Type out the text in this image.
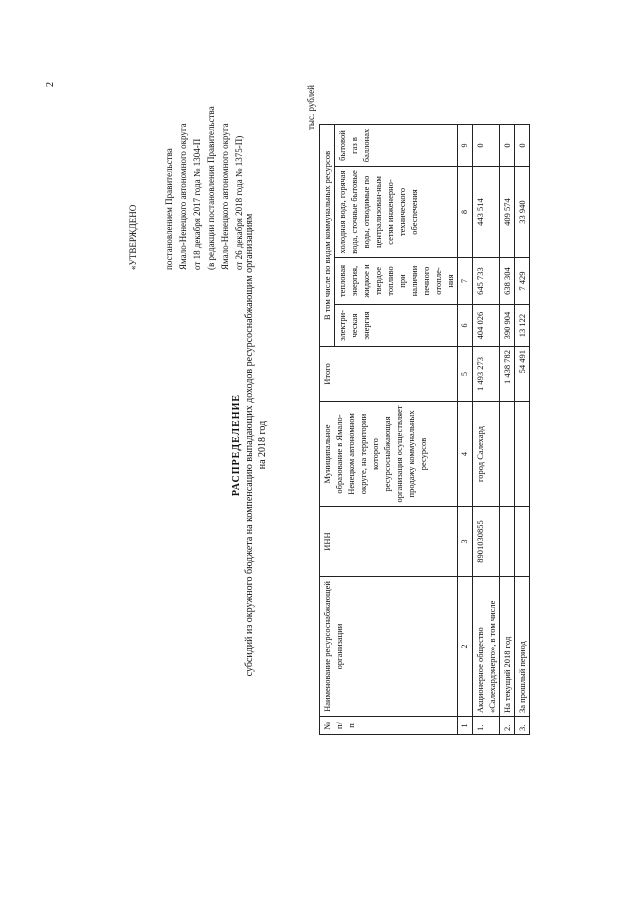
2
«УТВЕРЖДЕНО	постановлением Правительства Ямало-Ненецкого автономного округа от 18 декабря 2017 года № 1304-П (в редакции постановления Правительства Ямало-Ненецкого автономного округа от 26 декабря 2018 года № 1375-П)
РАСПРЕДЕЛЕНИЕ субсидий из окружного бюджета на компенсацию выпадающих доходов ресурсоснабжающим организациям на 2018 год
тыс. рублей
№ п/п	Наименование ресурсоснабжающей организации	ИНН	Муниципальное образование в Ямало-Ненецком автономном округе, на территории которого ресурсоснабжающая организация осуществляет продажу коммунальных ресурсов	Итого	В том числе по видам коммунальных ресурсов			
					электри-ческая энергия	тепловая энергия, жидкое и твердое топливо при наличии печного отопле-ния	холодная вода, горячая вода, сточные бытовые воды, отводимые по централизован-ным сетям инженерно-технического обеспечения	бытовой газ в баллонах
1	2	3	4	5	6	7	8	9
1.	Акционерное общество «Салехардэнерго», в том числе	8901030855	город Салехард	1 493 273	404 026	645 733	443 514	0
2.	На текущий 2018 год			1 438 782	390 904	638 304	409 574	0
3.	За прошлый период			54 491	13 122	7 429	33 940	0
